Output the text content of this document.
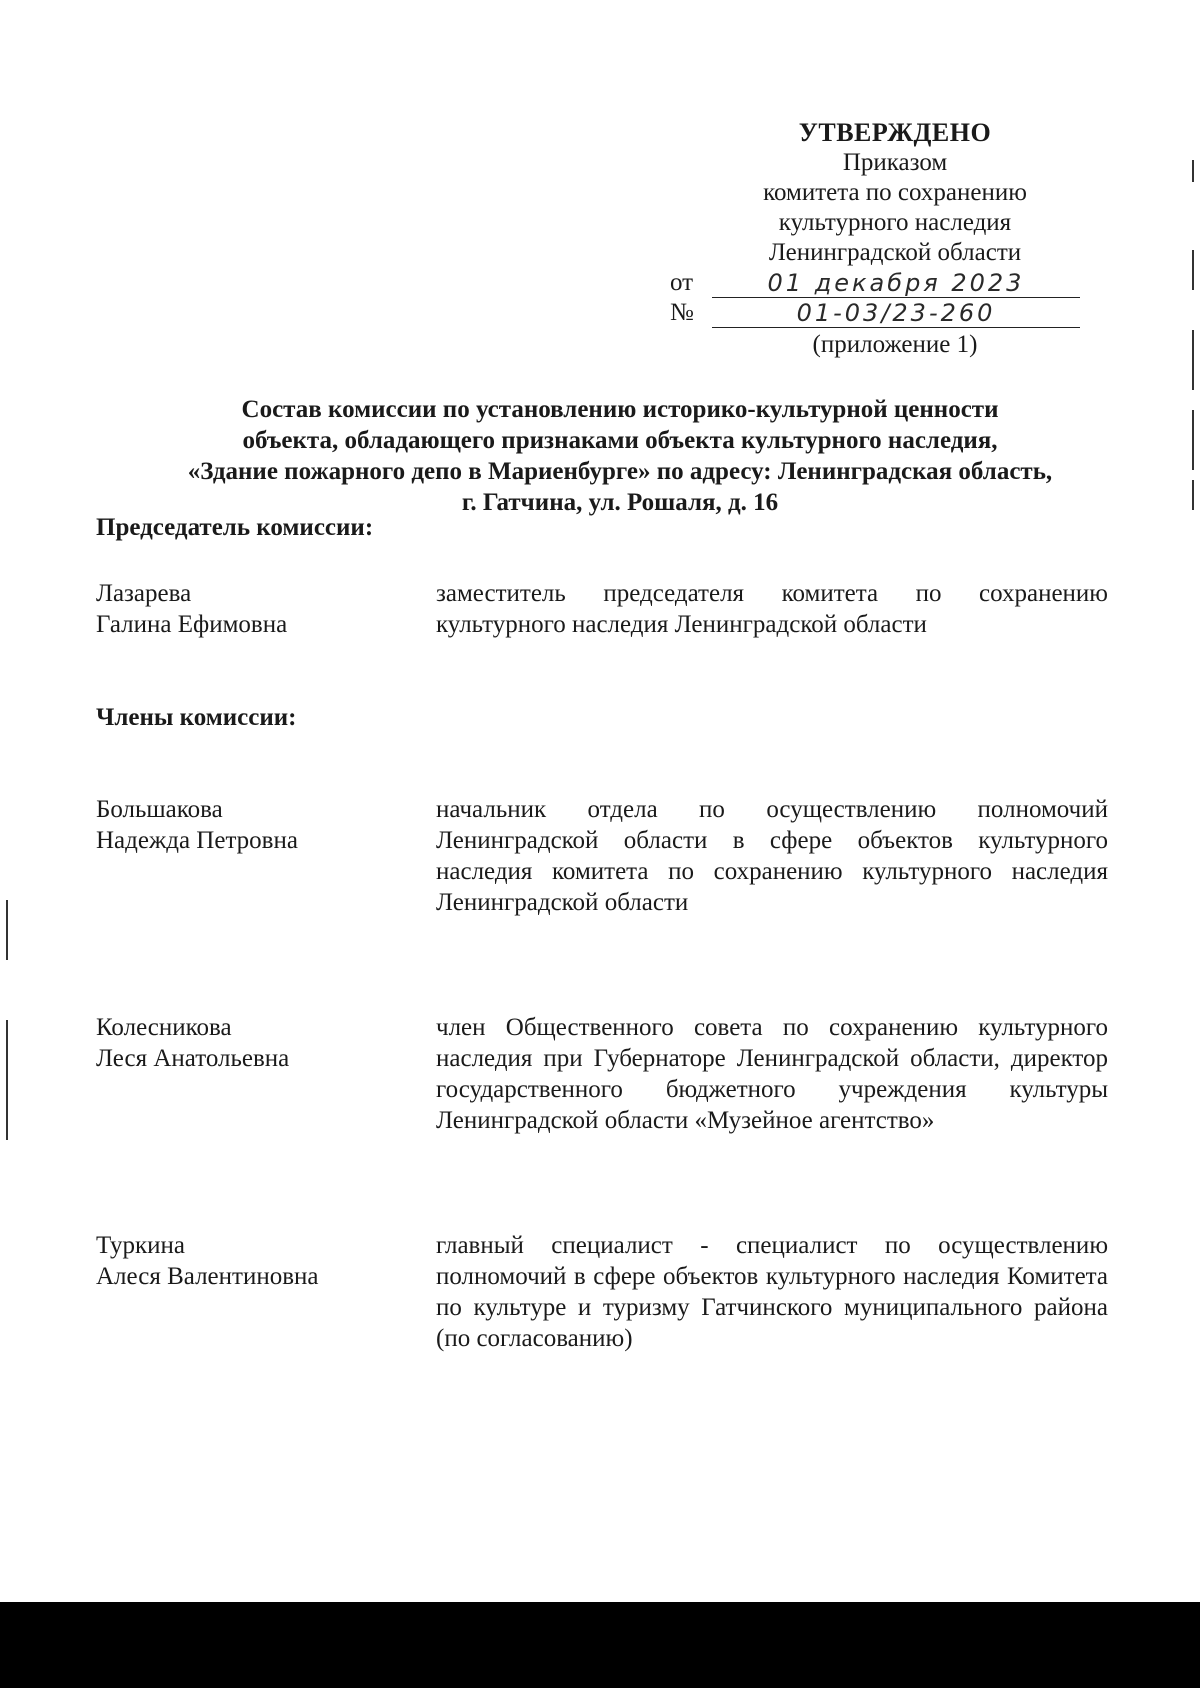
УТВЕРЖДЕНО
Приказом
комитета по сохранению
культурного наследия
Ленинградской области
от	01 декабря 2023
№	01-03/23-260
(приложение 1)
Состав комиссии по установлению историко-культурной ценности
объекта, обладающего признаками объекта культурного наследия,
«Здание пожарного депо в Мариенбурге» по адресу: Ленинградская область,
г. Гатчина, ул. Рошаля, д. 16
Председатель комиссии:
Лазарева
Галина Ефимовна
заместитель председателя комитета по сохранению культурного наследия Ленинградской области
Члены комиссии:
Большакова
Надежда Петровна
начальник отдела по осуществлению полномочий Ленинградской области в сфере объектов культурного наследия комитета по сохранению культурного наследия Ленинградской области
Колесникова
Леся Анатольевна
член Общественного совета по сохранению культурного наследия при Губернаторе Ленинградской области, директор государственного бюджетного учреждения культуры Ленинградской области «Музейное агентство»
Туркина
Алеся Валентиновна
главный специалист - специалист по осуществлению полномочий в сфере объектов культурного наследия Комитета по культуре и туризму Гатчинского муниципального района (по согласованию)
